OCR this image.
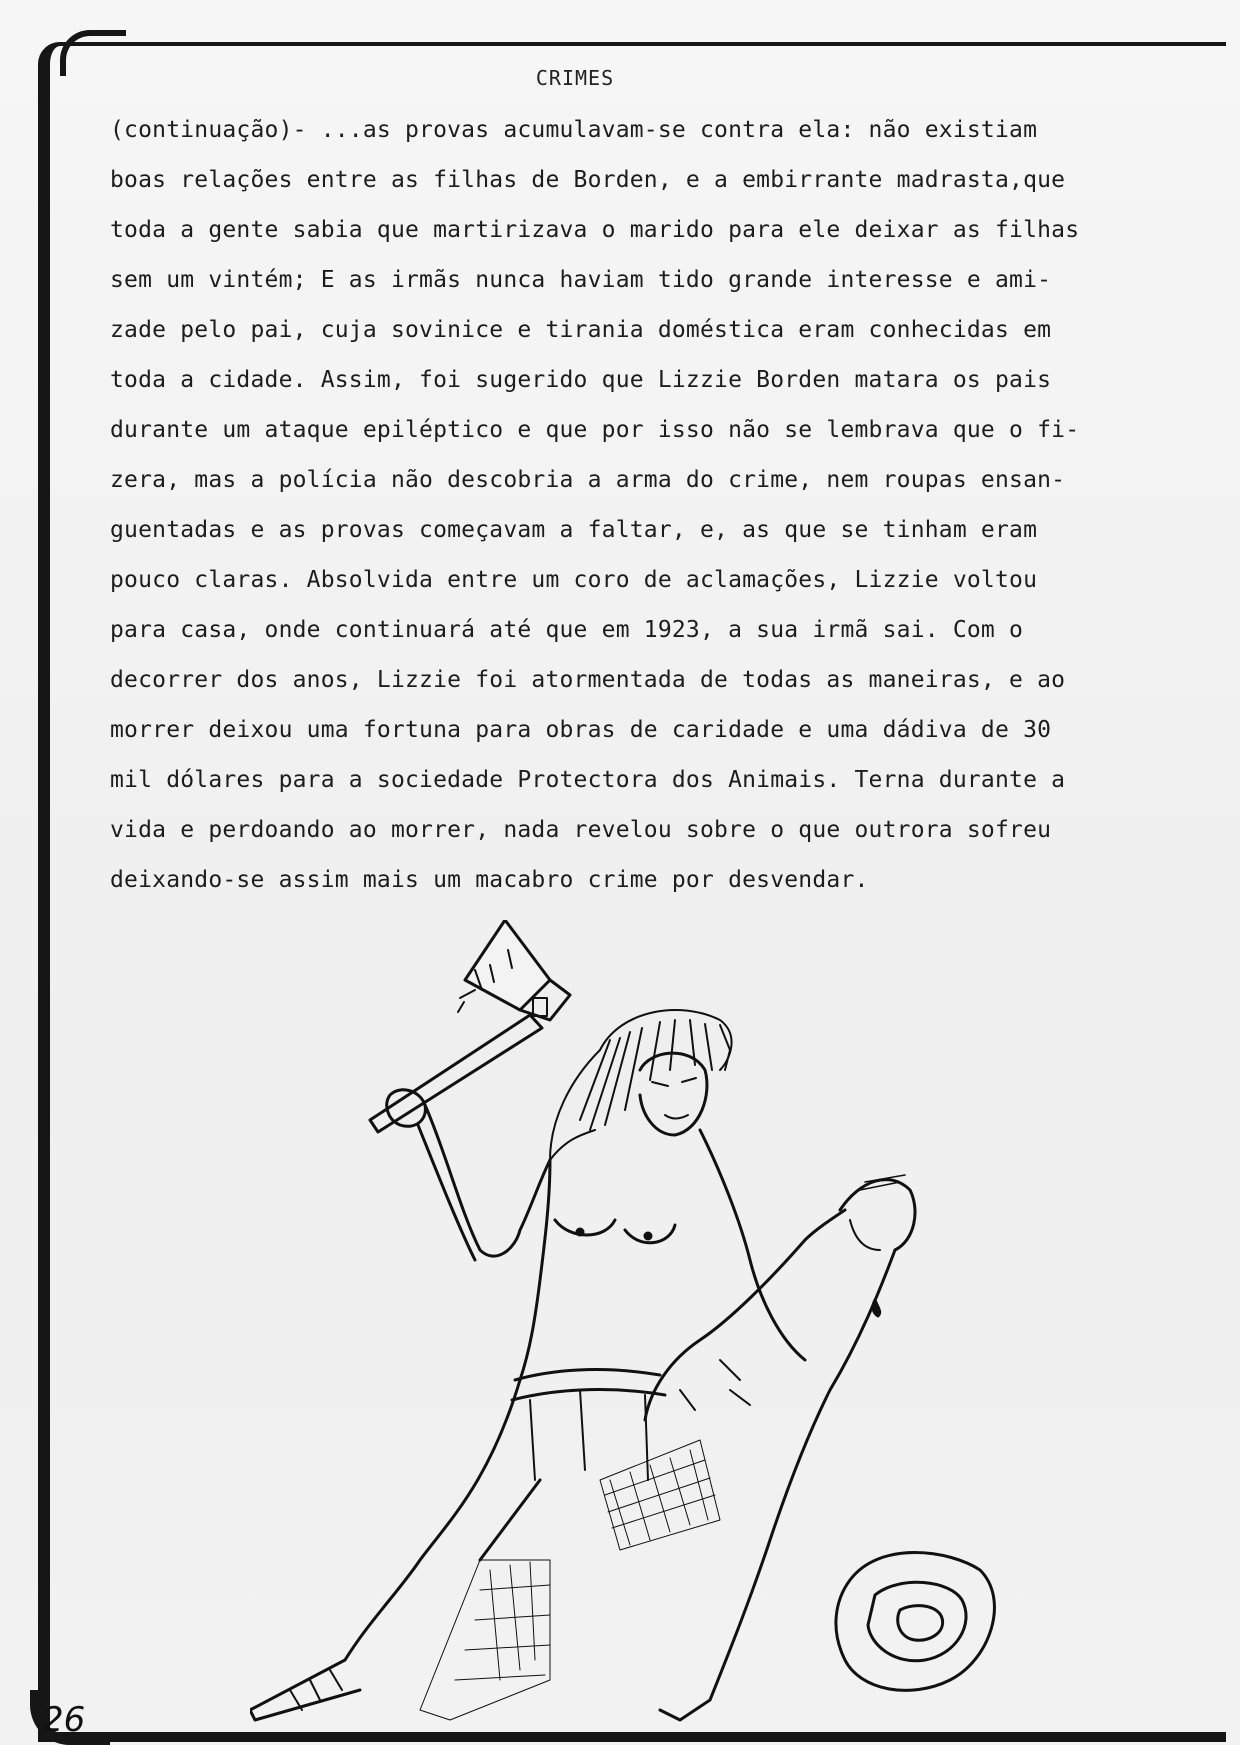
26
CRIMES
(continuação)- ...as provas acumulavam-se contra ela: não existiam
boas relações entre as filhas de Borden, e a embirrante madrasta,que
toda a gente sabia que martirizava o marido para ele deixar as filhas
sem um vintém; E as irmãs nunca haviam tido grande interesse e ami-
zade pelo pai, cuja sovinice e tirania doméstica eram conhecidas em
toda a cidade. Assim, foi sugerido que Lizzie Borden matara os pais
durante um ataque epiléptico e que por isso não se lembrava que o fi-
zera, mas a polícia não descobria a arma do crime, nem roupas ensan-
guentadas e as provas começavam a faltar, e, as que se tinham eram
pouco claras. Absolvida entre um coro de aclamações, Lizzie voltou
para casa, onde continuará até que em 1923, a sua irmã sai. Com o
decorrer dos anos, Lizzie foi atormentada de todas as maneiras, e ao
morrer deixou uma fortuna para obras de caridade e uma dádiva de 30
mil dólares para a sociedade Protectora dos Animais. Terna durante a
vida e perdoando ao morrer, nada revelou sobre o que outrora sofreu
deixando-se assim mais um macabro crime por desvendar.
